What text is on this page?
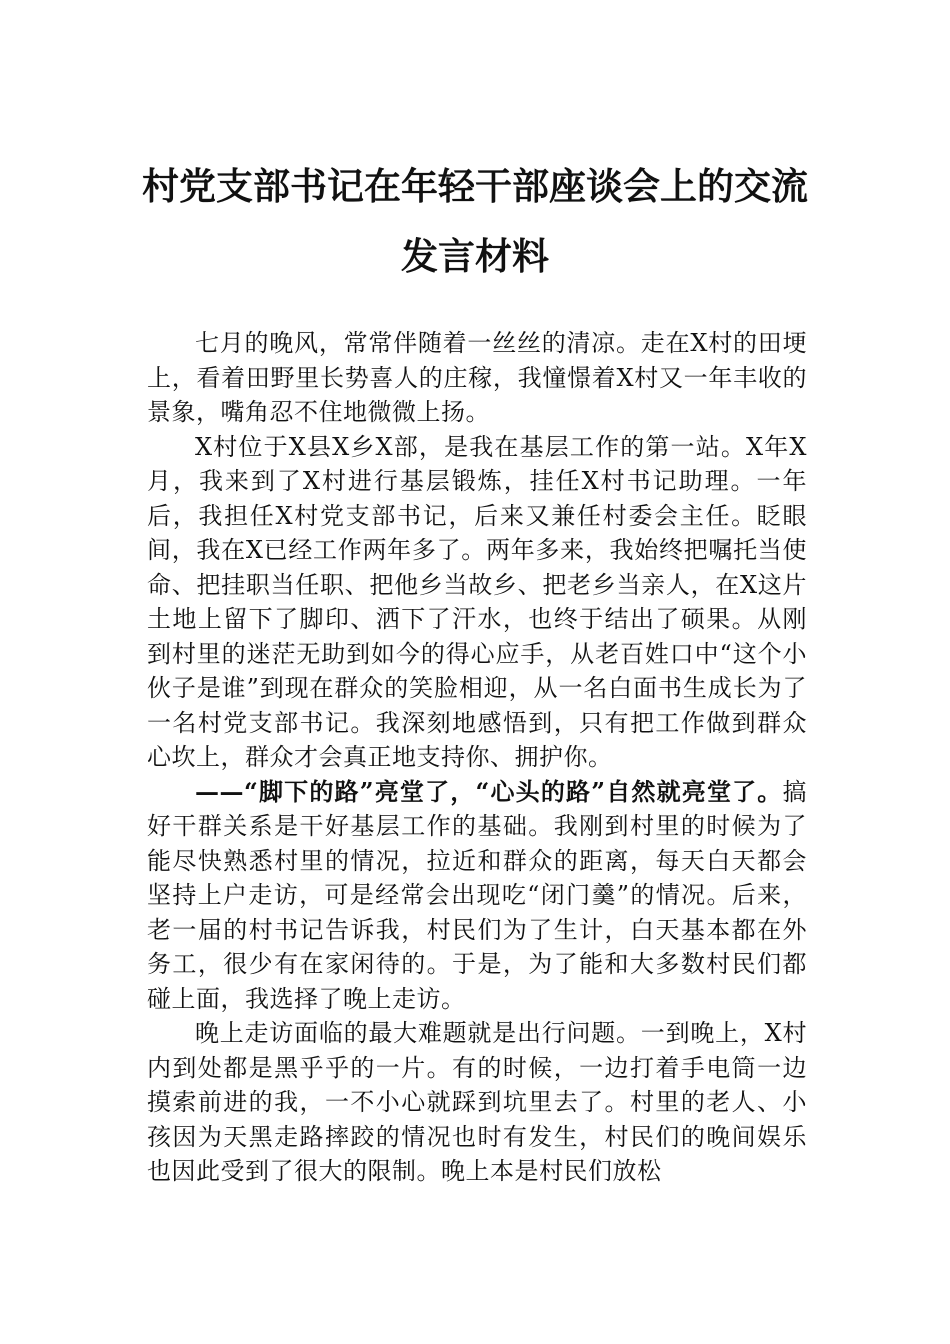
村党支部书记在年轻干部座谈会上的交流
发言材料

七月的晚风，常常伴随着一丝丝的清凉。走在X村的田埂上，看着田野里长势喜人的庄稼，我憧憬着X村又一年丰收的景象，嘴角忍不住地微微上扬。

X村位于X县X乡X部，是我在基层工作的第一站。X年X月，我来到了X村进行基层锻炼，挂任X村书记助理。一年后，我担任X村党支部书记，后来又兼任村委会主任。眨眼间，我在X已经工作两年多了。两年多来，我始终把嘱托当使命、把挂职当任职、把他乡当故乡、把老乡当亲人，在X这片土地上留下了脚印、洒下了汗水，也终于结出了硕果。从刚到村里的迷茫无助到如今的得心应手，从老百姓口中“这个小伙子是谁”到现在群众的笑脸相迎，从一名白面书生成长为了一名村党支部书记。我深刻地感悟到，只有把工作做到群众心坎上，群众才会真正地支持你、拥护你。

——“脚下的路”亮堂了，“心头的路”自然就亮堂了。搞好干群关系是干好基层工作的基础。我刚到村里的时候为了能尽快熟悉村里的情况，拉近和群众的距离，每天白天都会坚持上户走访，可是经常会出现吃“闭门羹”的情况。后来，老一届的村书记告诉我，村民们为了生计，白天基本都在外务工，很少有在家闲待的。于是，为了能和大多数村民们都碰上面，我选择了晚上走访。

晚上走访面临的最大难题就是出行问题。一到晚上，X村内到处都是黑乎乎的一片。有的时候，一边打着手电筒一边摸索前进的我，一不小心就踩到坑里去了。村里的老人、小孩因为天黑走路摔跤的情况也时有发生，村民们的晚间娱乐也因此受到了很大的限制。晚上本是村民们放松
